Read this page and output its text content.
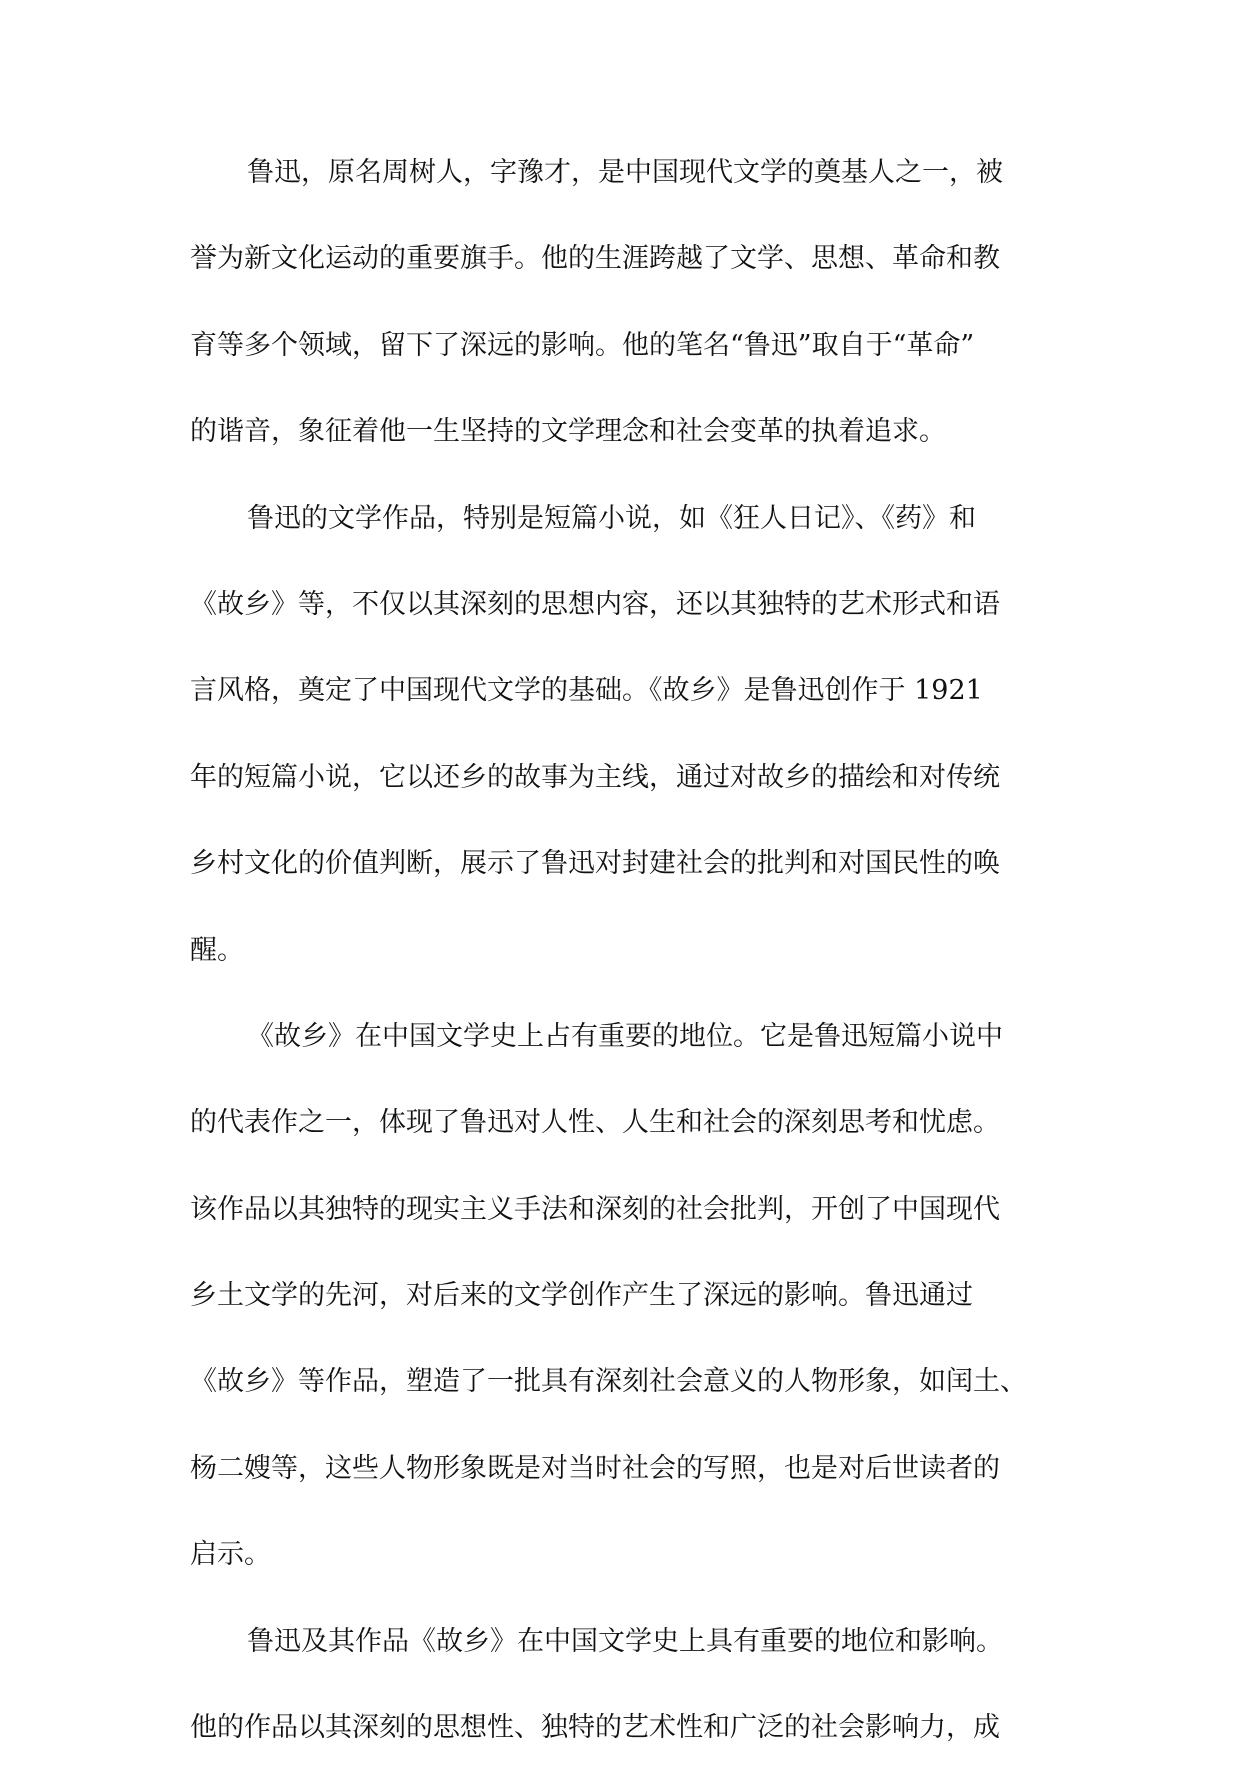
鲁迅，原名周树人，字豫才，是中国现代文学的奠基人之一，被
誉为新文化运动的重要旗手。他的生涯跨越了文学、思想、革命和教
育等多个领域，留下了深远的影响。他的笔名“鲁迅”取自于“革命”
的谐音，象征着他一生坚持的文学理念和社会变革的执着追求。
鲁迅的文学作品，特别是短篇小说，如《狂人日记》、《药》和
《故乡》等，不仅以其深刻的思想内容，还以其独特的艺术形式和语
言风格，奠定了中国现代文学的基础。《故乡》是鲁迅创作于 1921
年的短篇小说，它以还乡的故事为主线，通过对故乡的描绘和对传统
乡村文化的价值判断，展示了鲁迅对封建社会的批判和对国民性的唤
醒。
《故乡》在中国文学史上占有重要的地位。它是鲁迅短篇小说中
的代表作之一，体现了鲁迅对人性、人生和社会的深刻思考和忧虑。
该作品以其独特的现实主义手法和深刻的社会批判，开创了中国现代
乡土文学的先河，对后来的文学创作产生了深远的影响。鲁迅通过
《故乡》等作品，塑造了一批具有深刻社会意义的人物形象，如闰土、
杨二嫂等，这些人物形象既是对当时社会的写照，也是对后世读者的
启示。
鲁迅及其作品《故乡》在中国文学史上具有重要的地位和影响。
他的作品以其深刻的思想性、独特的艺术性和广泛的社会影响力，成
